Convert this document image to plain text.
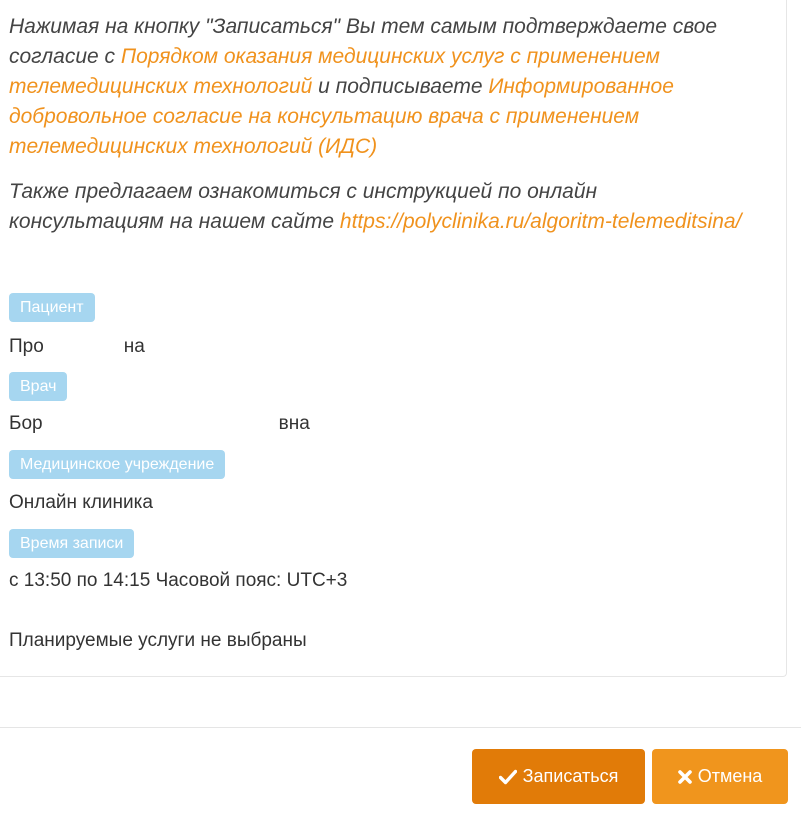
Нажимая на кнопку "Записаться" Вы тем самым подтверждаете свое согласие с Порядком оказания медицинских услуг с применением телемедицинских технологий и подписываете Информированное добровольное согласие на консультацию врача с применением телемедицинских технологий (ИДС)

Также предлагаем ознакомиться с инструкцией по онлайн консультациям на нашем сайте https://polyclinika.ru/algoritm-telemeditsina/

Пациент
Про	на
Врач
Бор	вна
Медицинское учреждение
Онлайн клиника
Время записи
с 13:50 по 14:15 Часовой пояс: UTC+3
Планируемые услуги не выбраны
Записаться	Отмена
